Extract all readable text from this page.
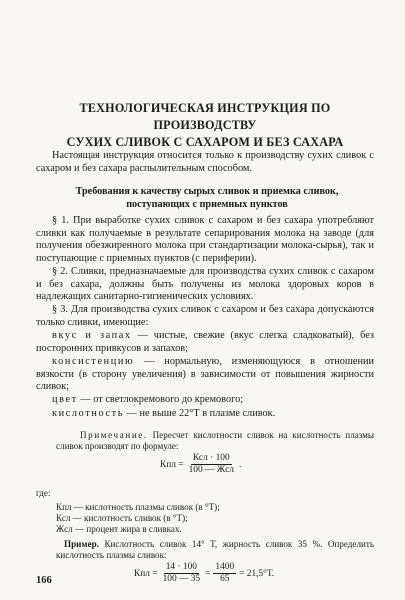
ТЕХНОЛОГИЧЕСКАЯ ИНСТРУКЦИЯ ПО ПРОИЗВОДСТВУ
СУХИХ СЛИВОК С САХАРОМ И БЕЗ САХАРА
Настоящая инструкция относится только к производству сухих сливок с сахаром и без сахара распылительным способом.
Требования к качеству сырых сливок и приемка сливок,
поступающих с приемных пунктов
§ 1. При выработке сухих сливок с сахаром и без сахара употребляют сливки как получаемые в результате сепарирования молока на заводе (для получения обезжиренного молока при стандартизации молока-сырья), так и поступающие с приемных пунктов (с периферии).
§ 2. Сливки, предназначаемые для производства сухих сливок с сахаром и без сахара, должны быть получены из молока здоровых коров в надлежащих санитарно-гигиенических условиях.
§ 3. Для производства сухих сливок с сахаром и без сахара допускаются только сливки, имеющие:
вкус и запах — чистые, свежие (вкус слегка сладковатый), без посторонних привкусов и запахов;
консистенцию — нормальную, изменяющуюся в отношении вязкости (в сторону увеличения) в зависимости от повышения жирности сливок;
цвет — от светлокремового до кремового;
кислотность — не выше 22°Т в плазме сливок.
Примечание. Пересчет кислотности сливок на кислотность плазмы сливок производят по формуле:
Кпл = $\frac{\text{Ксл · 100}}{\text{100 — Жсл}}$ .
где:
Кпл — кислотность плазмы сливок (в °Т);
Ксл — кислотность сливок (в °Т);
Жсл — процент жира в сливках.
Пример. Кислотность сливок 14° Т, жирность сливок 35 %. Определить кислотность плазмы сливок:
Кпл = $\frac{14 \cdot 100}{100 — 35} = \frac{1400}{65} = 21,5^\circ Т$.
166
